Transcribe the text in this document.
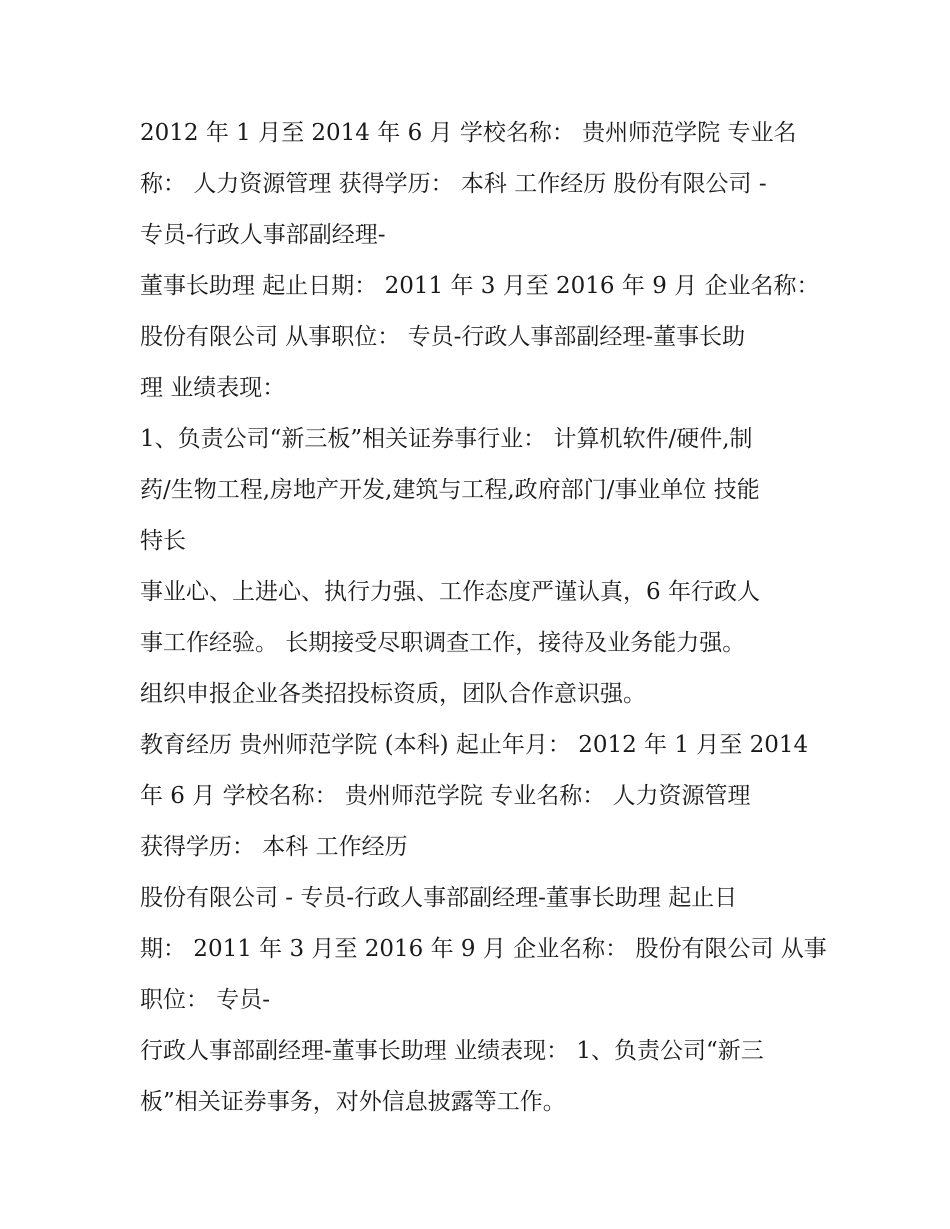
2012 年 1 月至 2014 年 6 月 学校名称： 贵州师范学院 专业名
称： 人力资源管理 获得学历： 本科 工作经历 股份有限公司 -
专员-行政人事部副经理-
董事长助理 起止日期： 2011 年 3 月至 2016 年 9 月 企业名称：
股份有限公司 从事职位： 专员-行政人事部副经理-董事长助
理 业绩表现：
1、负责公司“新三板”相关证券事行业： 计算机软件/硬件,制
药/生物工程,房地产开发,建筑与工程,政府部门/事业单位 技能
特长
事业心、上进心、执行力强、工作态度严谨认真，6 年行政人
事工作经验。 长期接受尽职调查工作，接待及业务能力强。
组织申报企业各类招投标资质，团队合作意识强。
教育经历 贵州师范学院 (本科) 起止年月： 2012 年 1 月至 2014
年 6 月 学校名称： 贵州师范学院 专业名称： 人力资源管理
获得学历： 本科 工作经历
股份有限公司 - 专员-行政人事部副经理-董事长助理 起止日
期： 2011 年 3 月至 2016 年 9 月 企业名称： 股份有限公司 从事
职位： 专员-
行政人事部副经理-董事长助理 业绩表现： 1、负责公司“新三
板”相关证券事务，对外信息披露等工作。
